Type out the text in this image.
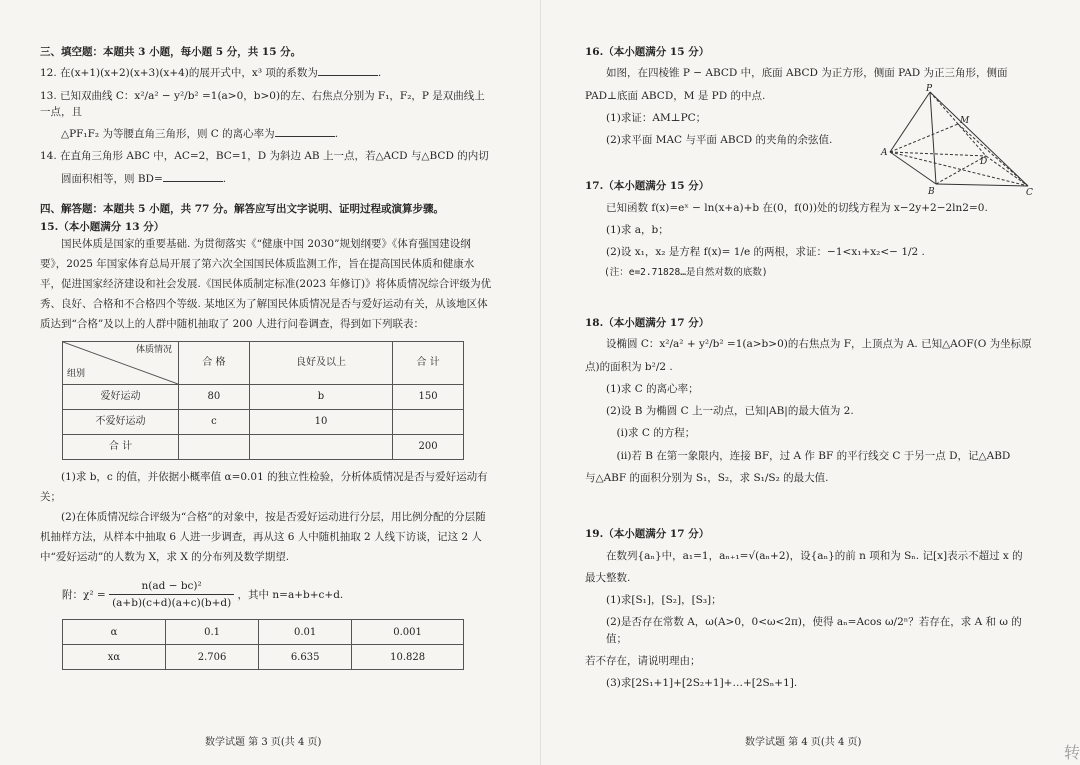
三、填空题：本题共 3 小题，每小题 5 分，共 15 分。

12. 在(x+1)(x+2)(x+3)(x+4)的展开式中，x³ 项的系数为	.

13. 已知双曲线 C：x²/a² − y²/b² =1(a>0，b>0)的左、右焦点分别为 F₁，F₂，P 是双曲线上一点，且

△PF₁F₂ 为等腰直角三角形，则 C 的离心率为	.

14. 在直角三角形 ABC 中，AC=2，BC=1，D 为斜边 AB 上一点，若△ACD 与△BCD 的内切

圆面积相等，则 BD=	.

四、解答题：本题共 5 小题，共 77 分。解答应写出文字说明、证明过程或演算步骤。

15.（本小题满分 13 分）

国民体质是国家的重要基础. 为贯彻落实《“健康中国 2030”规划纲要》《体育强国建设纲要》，2025 年国家体育总局开展了第六次全国国民体质监测工作，旨在提高国民体质和健康水平，促进国家经济建设和社会发展.《国民体质制定标准(2023 年修订)》将体质情况综合评级为优秀、良好、合格和不合格四个等级. 某地区为了解国民体质情况是否与爱好运动有关，从该地区体质达到“合格”及以上的人群中随机抽取了 200 人进行问卷调查，得到如下列联表：

体质情况
组别	合 格	良好及以上	合 计
爱好运动	80	b	150
不爱好运动	c	10	
合 计			200

(1)求 b，c 的值，并依据小概率值 α=0.01 的独立性检验，分析体质情况是否与爱好运动有关；

(2)在体质情况综合评级为“合格”的对象中，按是否爱好运动进行分层，用比例分配的分层随机抽样方法，从样本中抽取 6 人进一步调查，再从这 6 人中随机抽取 2 人线下访谈，记这 2 人中“爱好运动”的人数为 X，求 X 的分布列及数学期望.

附：$\chi^2 = \frac{\text{n(ad − bc)²}}{(a+b)(c+d)(a+c)(b+d)}$ ，其中 n=a+b+c+d.
α	0.1	0.01	0.001
xα	2.706	6.635	10.828
数学试题 第 3 页(共 4 页)

16.（本小题满分 15 分）

如图，在四棱锥 P − ABCD 中，底面 ABCD 为正方形，侧面 PAD 为正三角形，侧面

PAD⊥底面 ABCD，M 是 PD 的中点.

(1)求证：AM⊥PC；

(2)求平面 MAC 与平面 ABCD 的夹角的余弦值.

17.（本小题满分 15 分）

已知函数 f(x)=eˣ − ln(x+a)+b 在(0，f(0))处的切线方程为 x−2y+2−2ln2=0.

(1)求 a，b；

(2)设 x₁，x₂ 是方程 f(x)= 1/e 的两根，求证：−1<x₁+x₂<− 1/2 .

(注：e=2.71828…是自然对数的底数)

18.（本小题满分 17 分）

设椭圆 C：x²/a² + y²/b² =1(a>b>0)的右焦点为 F，上顶点为 A. 已知△AOF(O 为坐标原

点)的面积为 b²/2 .

(1)求 C 的离心率；

(2)设 B 为椭圆 C 上一动点，已知|AB|的最大值为 2.

(i)求 C 的方程；

(ii)若 B 在第一象限内，连接 BF，过 A 作 BF 的平行线交 C 于另一点 D，记△ABD

与△ABF 的面积分别为 S₁，S₂，求 S₁/S₂ 的最大值.

19.（本小题满分 17 分）

在数列{aₙ}中，a₁=1，aₙ₊₁=√(aₙ+2)，设{aₙ}的前 n 项和为 Sₙ. 记[x]表示不超过 x 的

最大整数.

(1)求[S₁]，[S₂]，[S₃]；

(2)是否存在常数 A，ω(A>0，0<ω<2π)，使得 aₙ=Acos ω/2ⁿ？若存在，求 A 和 ω 的值；

若不存在，请说明理由；

(3)求[2S₁+1]+[2S₂+1]+…+[2Sₙ+1].

P
M
A
D
B	C
数学试题 第 4 页(共 4 页)
转
